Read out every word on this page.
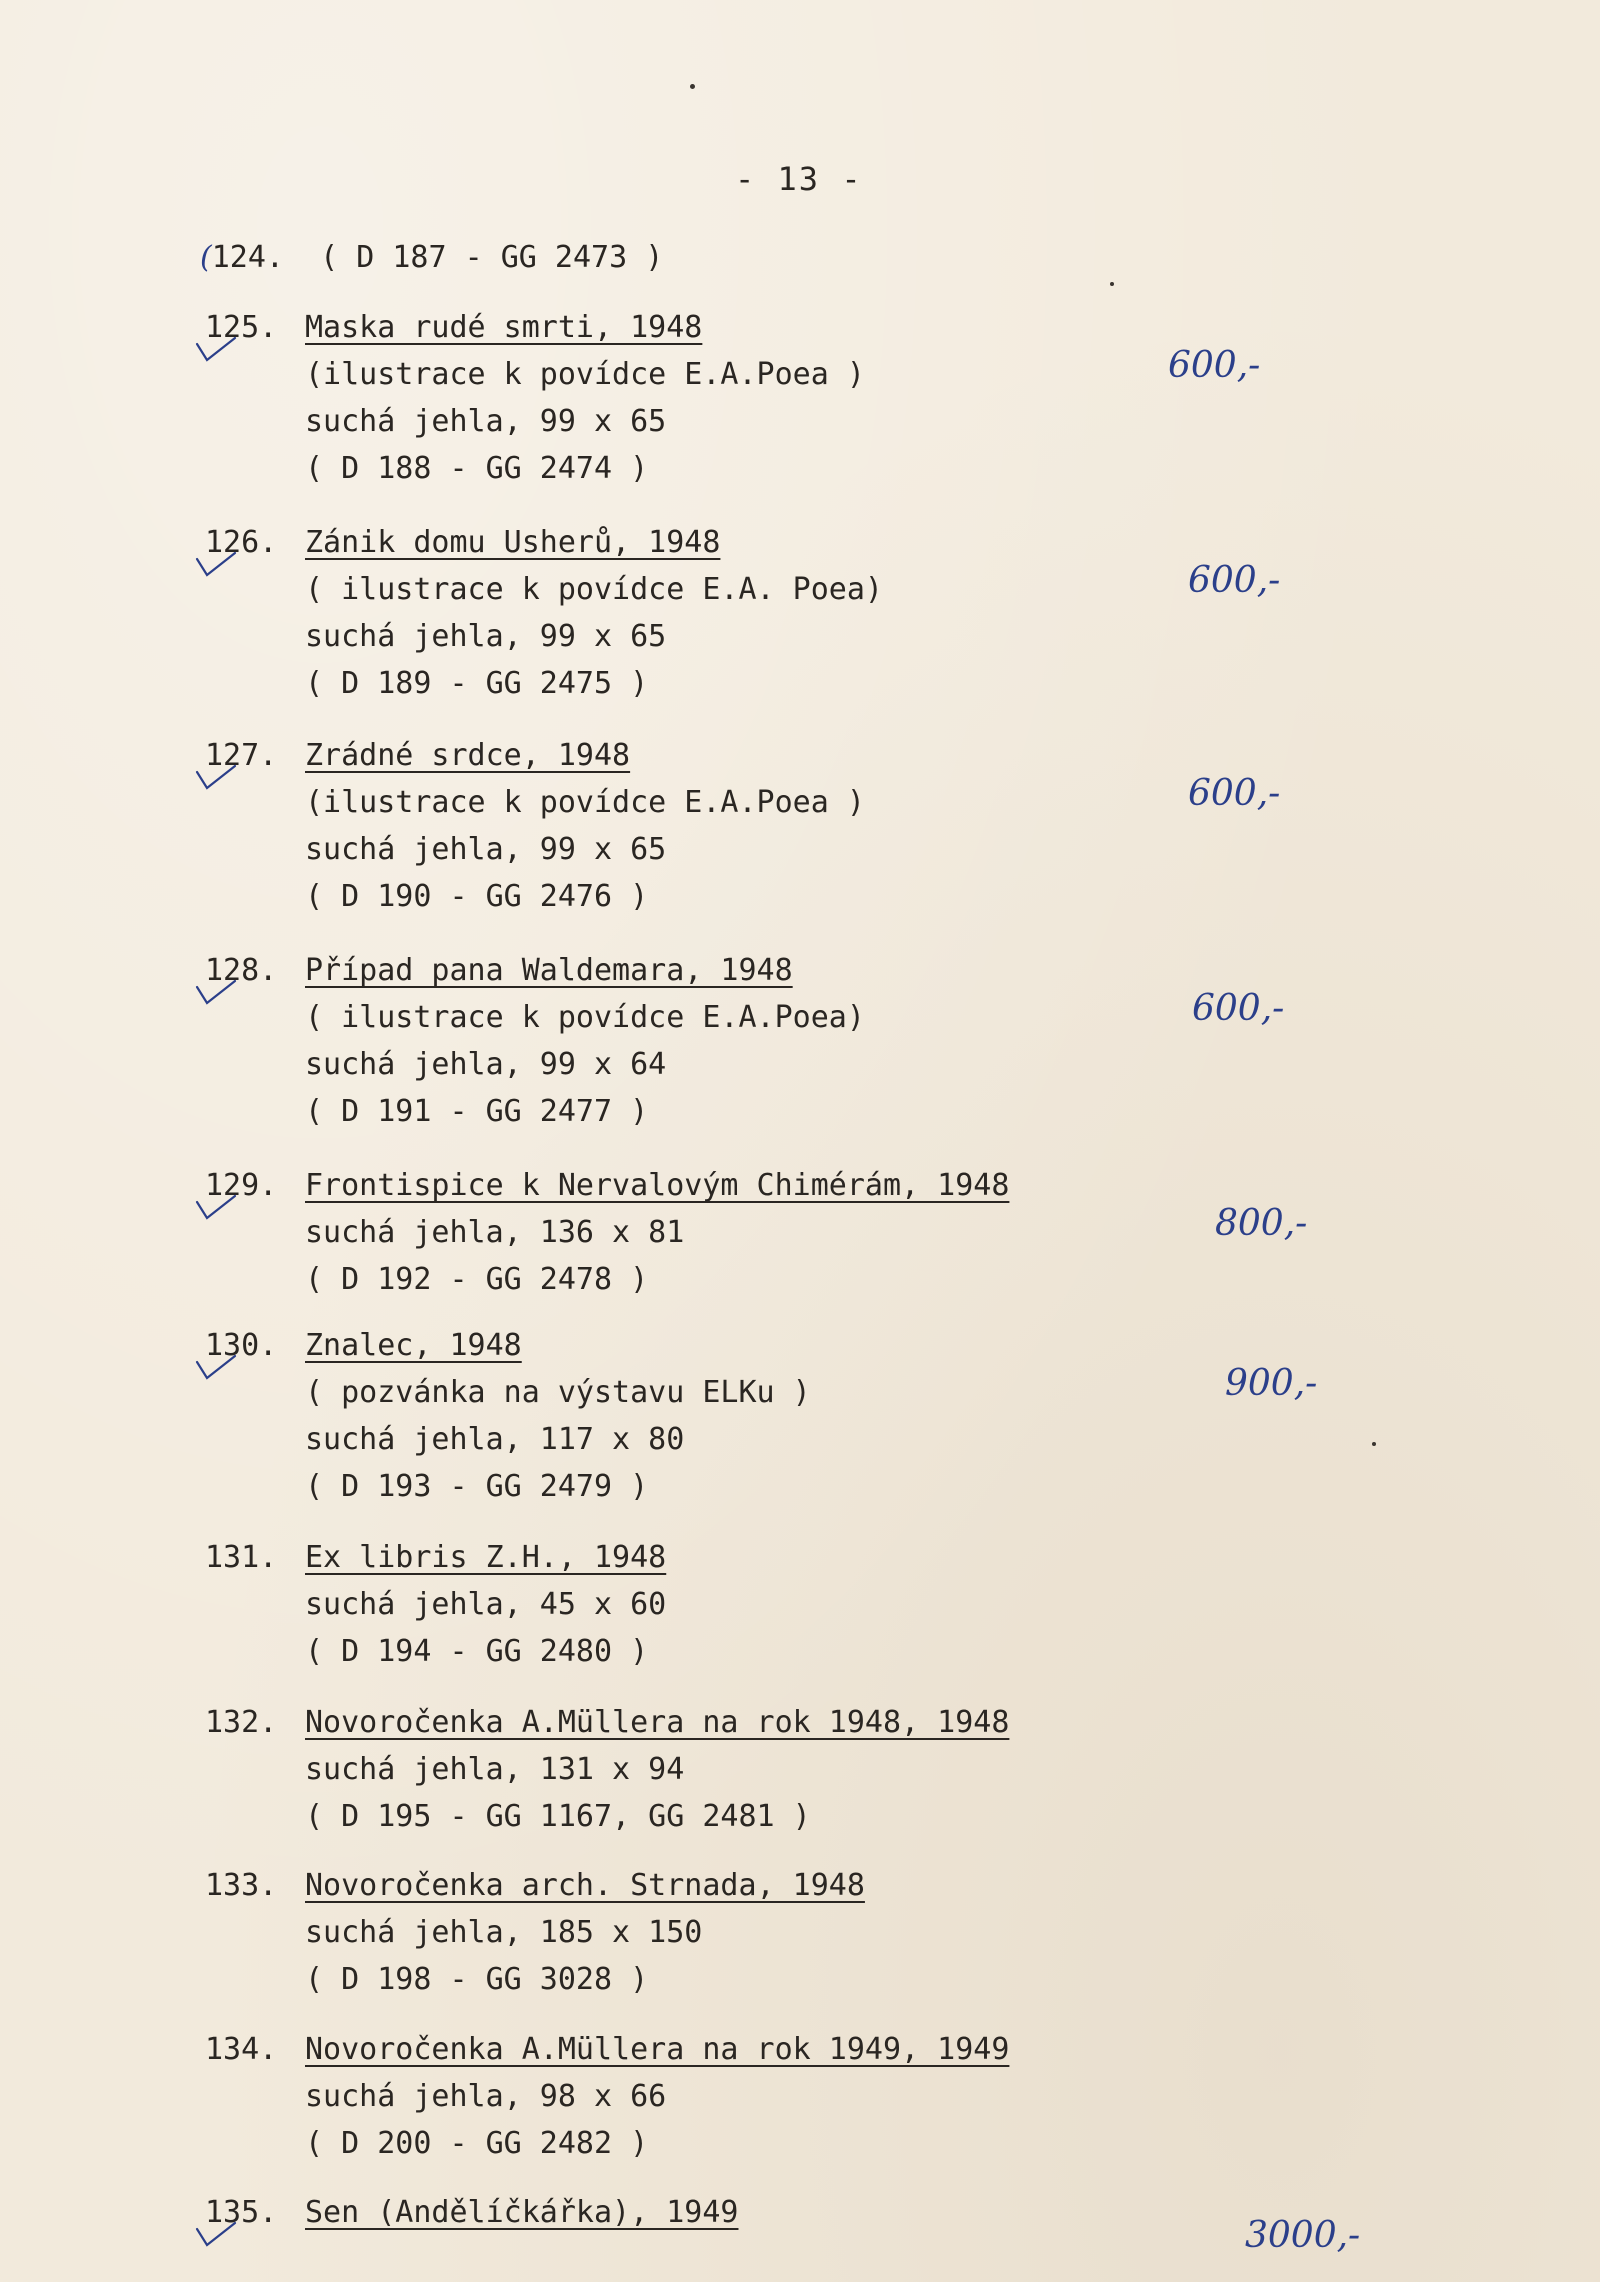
- 13 -
(124. ( D 187 - GG 2473 )
125. Maska rudé smrti, 1948
(ilustrace k povídce E.A.Poea )
suchá jehla, 99 x 65
( D 188 - GG 2474 )
600,-
126. Zánik domu Usherů, 1948
( ilustrace k povídce E.A. Poea)
suchá jehla, 99 x 65
( D 189 - GG 2475 )
600,-
127. Zrádné srdce, 1948
(ilustrace k povídce E.A.Poea )
suchá jehla, 99 x 65
( D 190 - GG 2476 )
600,-
128. Případ pana Waldemara, 1948
( ilustrace k povídce E.A.Poea)
suchá jehla, 99 x 64
( D 191 - GG 2477 )
600,-
129. Frontispice k Nervalovým Chimérám, 1948
suchá jehla, 136 x 81
( D 192 - GG 2478 )
800,-
130. Znalec, 1948
( pozvánka na výstavu ELKu )
suchá jehla, 117 x 80
( D 193 - GG 2479 )
900,-
131. Ex libris Z.H., 1948
suchá jehla, 45 x 60
( D 194 - GG 2480 )
132. Novoročenka A.Müllera na rok 1948, 1948
suchá jehla, 131 x 94
( D 195 - GG 1167, GG 2481 )
133. Novoročenka arch. Strnada, 1948
suchá jehla, 185 x 150
( D 198 - GG 3028 )
134. Novoročenka A.Müllera na rok 1949, 1949
suchá jehla, 98 x 66
( D 200 - GG 2482 )
135. Sen (Andělíčkářka), 1949
3000,-
